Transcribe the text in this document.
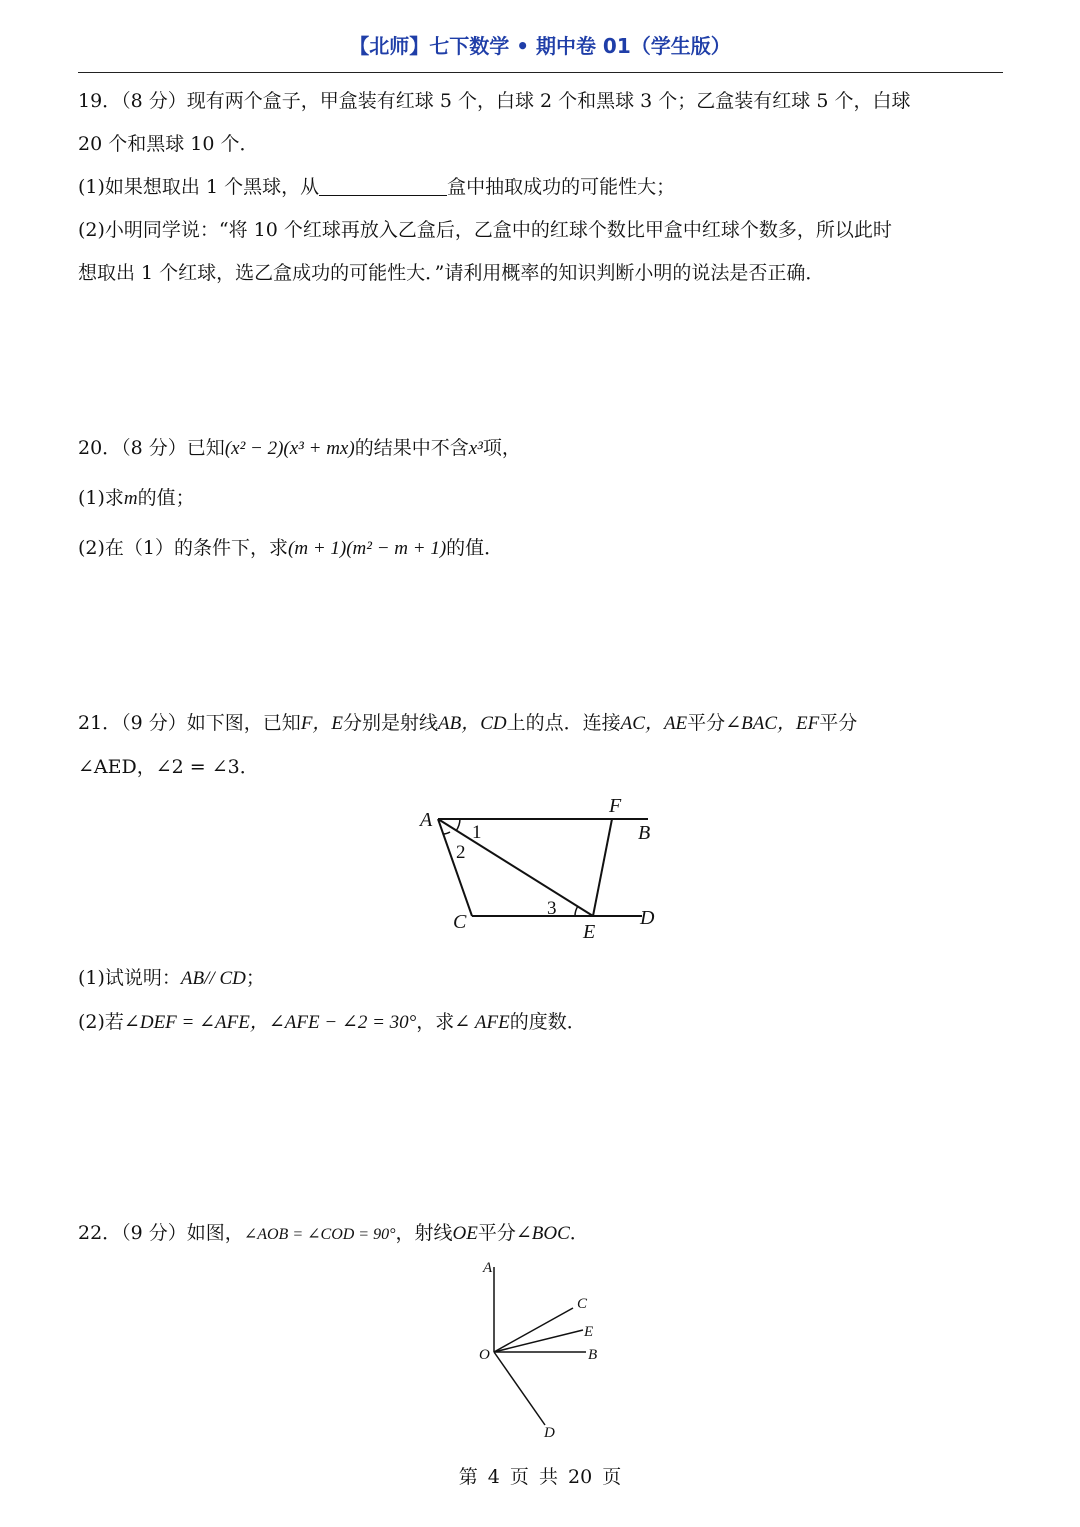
【北师】七下数学 • 期中卷 01（学生版）
19．（8 分）现有两个盒子，甲盒装有红球 5 个，白球 2 个和黑球 3 个；乙盒装有红球 5 个，白球
20 个和黑球 10 个．
(1)如果想取出 1 个黑球，从	盒中抽取成功的可能性大；
(2)小明同学说：“将 10 个红球再放入乙盒后，乙盒中的红球个数比甲盒中红球个数多，所以此时
想取出 1 个红球，选乙盒成功的可能性大．”请利用概率的知识判断小明的说法是否正确．
20．（8 分）已知(x² − 2)(x³ + mx)的结果中不含x³项，
(1)求m的值；
(2)在（1）的条件下，求(m + 1)(m² − m + 1)的值．
21．（9 分）如下图，已知F，E分别是射线AB，CD上的点．连接AC，AE平分∠BAC，EF平分
∠AED，∠2 = ∠3．
A
F
B
C	E
D
1
2
3
(1)试说明：AB// CD；
(2)若∠DEF = ∠AFE，∠AFE − ∠2 = 30°，求∠ AFE的度数．
22．（9 分）如图，∠AOB = ∠COD = 90°，射线OE平分∠BOC．
A
C
E
O	B
D
第 4 页 共 20 页
